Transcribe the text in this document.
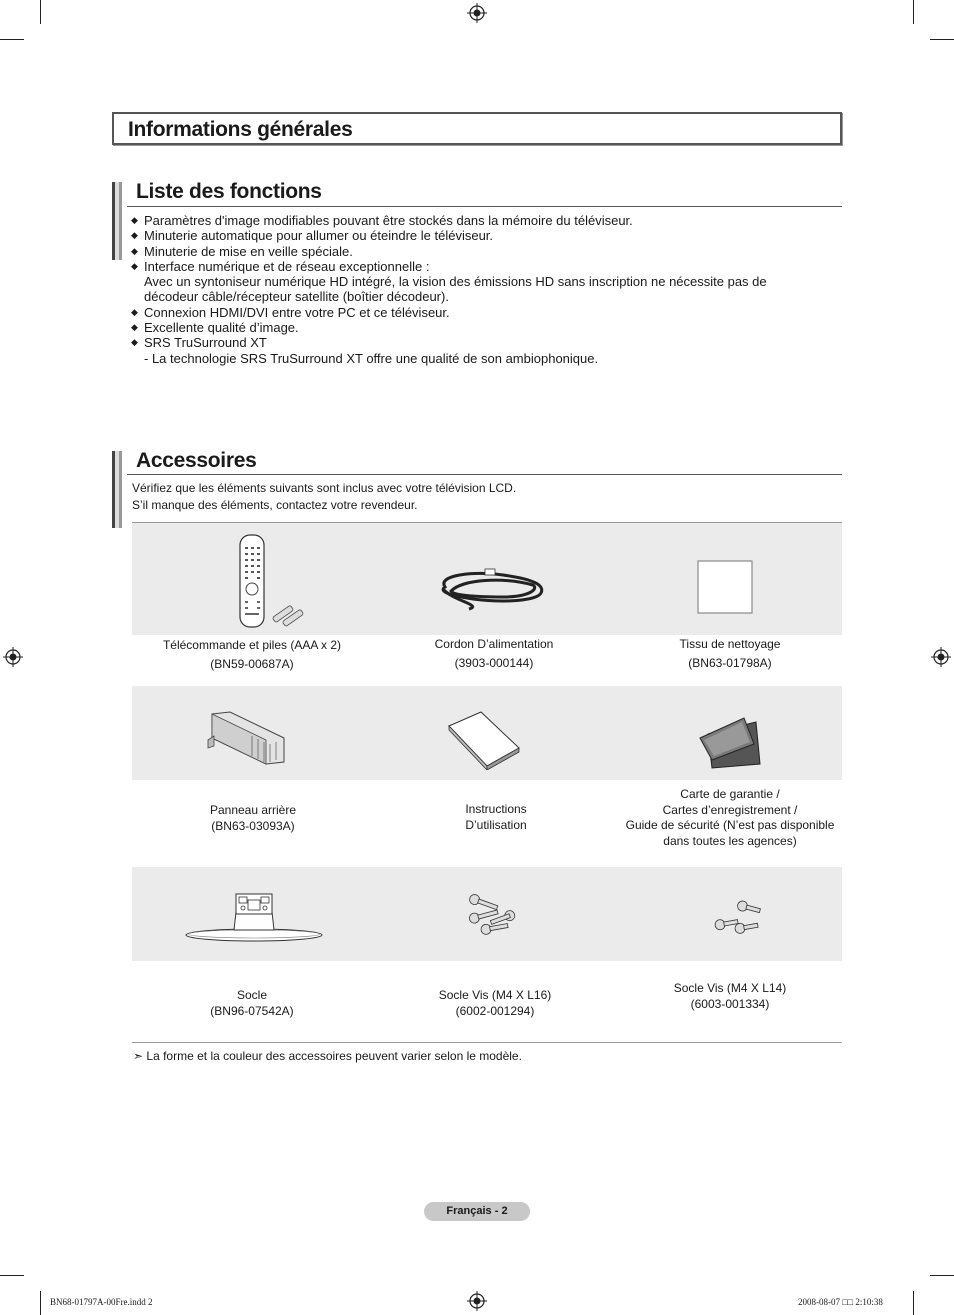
Informations générales
Liste des fonctions
◆ Paramètres d'image modifiables pouvant être stockés dans la mémoire du téléviseur.
◆ Minuterie automatique pour allumer ou éteindre le téléviseur.
◆ Minuterie de mise en veille spéciale.
◆ Interface numérique et de réseau exceptionnelle :
Avec un syntoniseur numérique HD intégré, la vision des émissions HD sans inscription ne nécessite pas de
décodeur câble/récepteur satellite (boîtier décodeur).
◆ Connexion HDMI/DVI entre votre PC et ce téléviseur.
◆ Excellente qualité d’image.
◆ SRS TruSurround XT
- La technologie SRS TruSurround XT offre une qualité de son ambiophonique.
Accessoires
Vérifiez que les éléments suivants sont inclus avec votre télévision LCD.
S’il manque des éléments, contactez votre revendeur.
Télécommande et piles (AAA x 2)
(BN59-00687A)
Cordon D’alimentation
(3903-000144)
Tissu de nettoyage
(BN63-01798A)
Panneau arrière
(BN63-03093A)
Instructions
D’utilisation
Carte de garantie /
Cartes d’enregistrement /
Guide de sécurité (N’est pas disponible
dans toutes les agences)
Socle
(BN96-07542A)
Socle Vis (M4 X L16)
(6002-001294)
Socle Vis (M4 X L14)
(6003-001334)
➣ La forme et la couleur des accessoires peuvent varier selon le modèle.
Français - 2
BN68-01797A-00Fre.indd 2	2008-08-07 □□ 2:10:38
